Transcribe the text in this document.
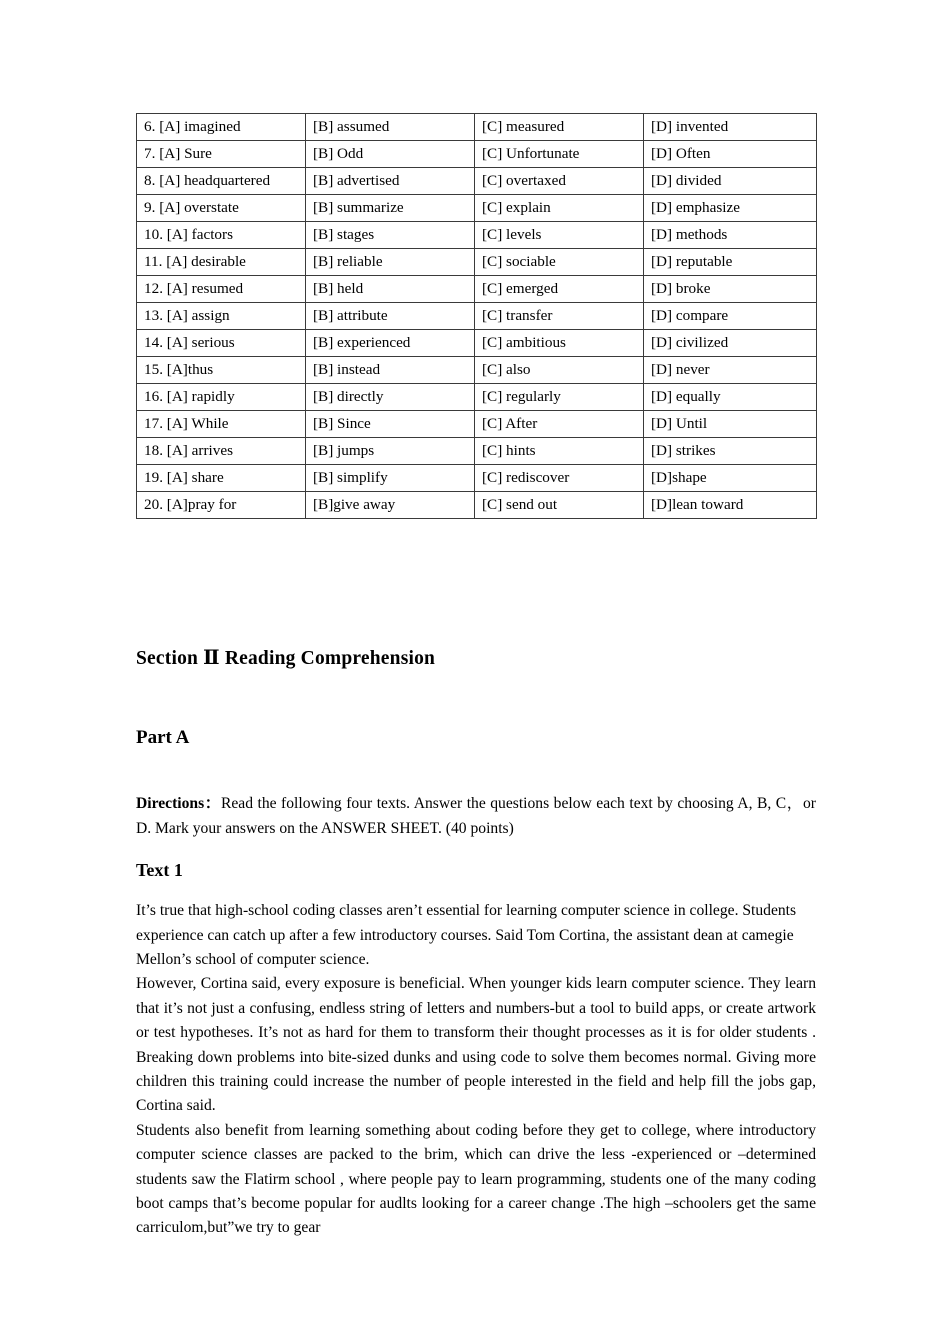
6. [A] imagined	[B] assumed	[C] measured	[D] invented
7. [A] Sure	[B] Odd	[C] Unfortunate	[D] Often
8. [A] headquartered	[B] advertised	[C] overtaxed	[D] divided
9. [A] overstate	[B] summarize	[C] explain	[D] emphasize
10. [A] factors	[B] stages	[C] levels	[D] methods
11. [A] desirable	[B] reliable	[C] sociable	[D] reputable
12. [A] resumed	[B] held	[C] emerged	[D] broke
13. [A] assign	[B] attribute	[C] transfer	[D] compare
14. [A] serious	[B] experienced	[C] ambitious	[D] civilized
15. [A]thus	[B] instead	[C] also	[D] never
16. [A] rapidly	[B] directly	[C] regularly	[D] equally
17. [A] While	[B] Since	[C] After	[D] Until
18. [A] arrives	[B] jumps	[C] hints	[D] strikes
19. [A] share	[B] simplify	[C] rediscover	[D]shape
20. [A]pray for	[B]give away	[C] send out	[D]lean toward
Section Ⅱ Reading Comprehension
Part A

Directions：Read the following four texts. Answer the questions below each text by choosing A, B, C，or D. Mark your answers on the ANSWER SHEET. (40 points)

Text 1

It’s true that high-school coding classes aren’t essential for learning computer science in college. Students experience can catch up after a few introductory courses. Said Tom Cortina, the assistant dean at camegie Mellon’s school of computer science.

However, Cortina said, every exposure is beneficial. When younger kids learn computer science. They learn that it’s not just a confusing, endless string of letters and numbers-but a tool to build apps, or create artwork or test hypotheses. It’s not as hard for them to transform their thought processes as it is for older students . Breaking down problems into bite-sized dunks and using code to solve them becomes normal. Giving more children this training could increase the number of people interested in the field and help fill the jobs gap, Cortina said.

Students also benefit from learning something about coding before they get to college, where introductory computer science classes are packed to the brim, which can drive the less -experienced or –determined students saw the Flatirm school , where people pay to learn programming, students one of the many coding boot camps that’s become popular for audlts looking for a career change .The high –schoolers get the same carriculom,but”we try to gear
